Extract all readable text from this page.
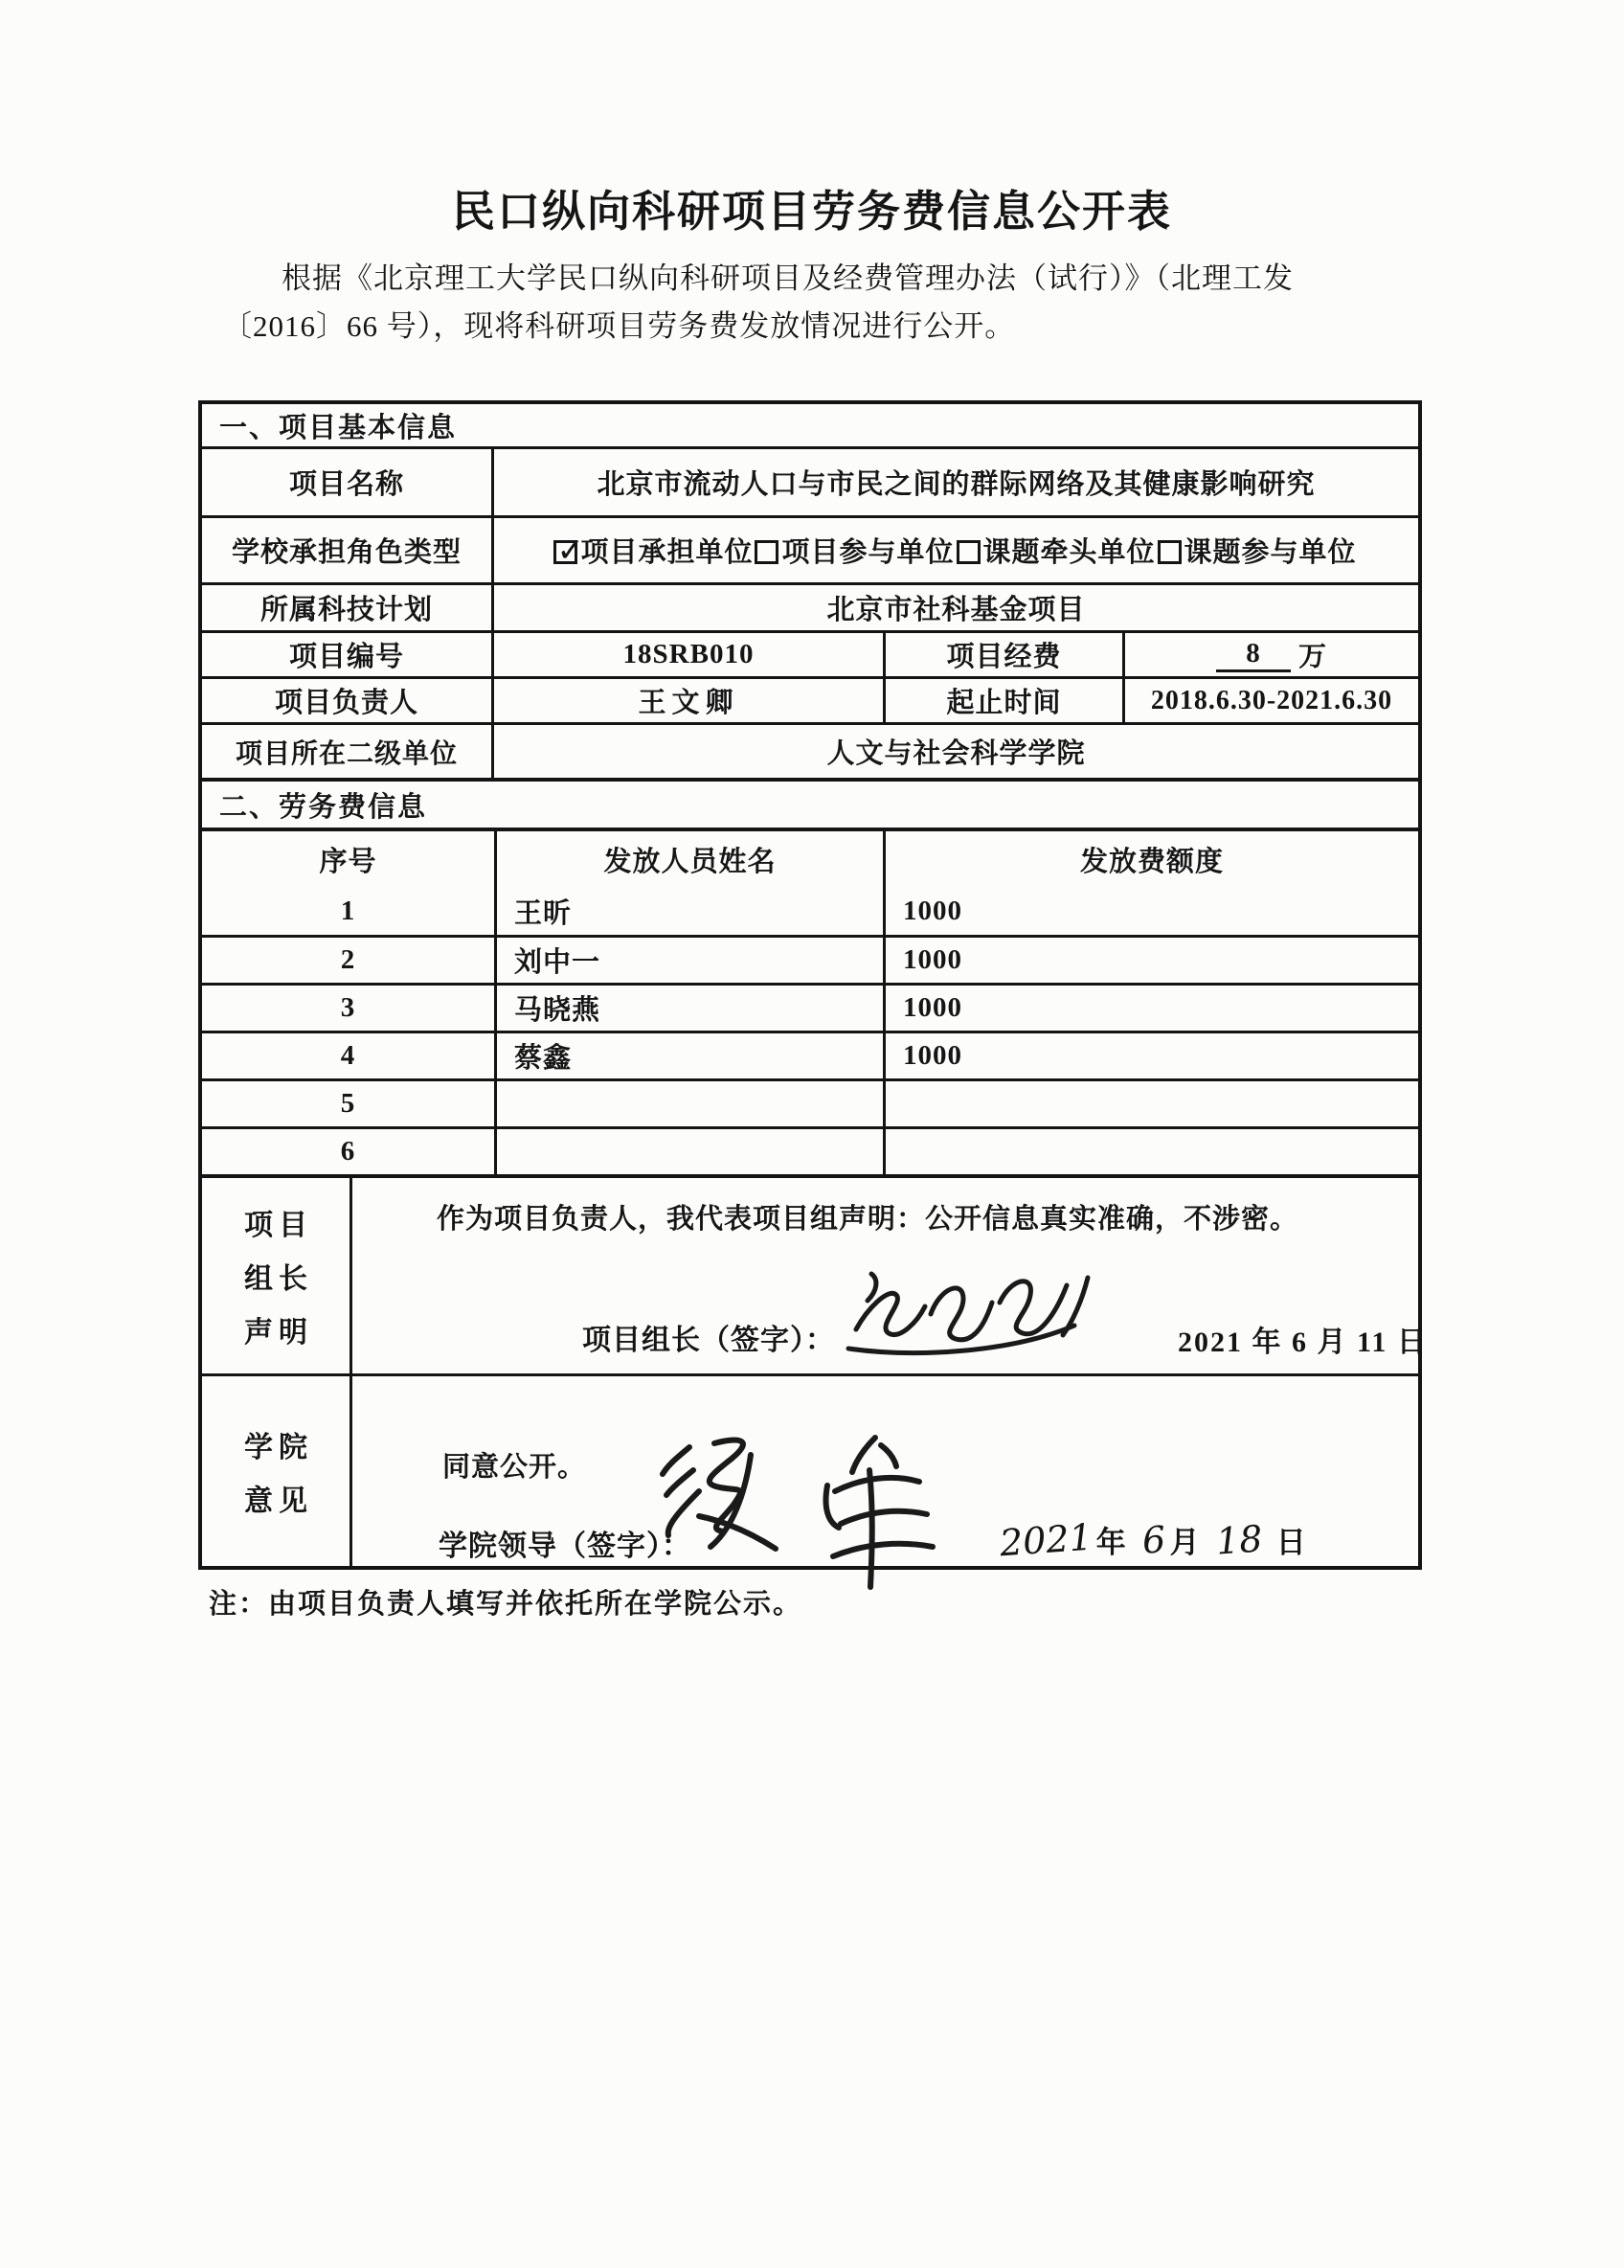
民口纵向科研项目劳务费信息公开表
根据《北京理工大学民口纵向科研项目及经费管理办法（试行）》（北理工发
〔2016〕66 号），现将科研项目劳务费发放情况进行公开。
一、项目基本信息
项目名称	北京市流动人口与市民之间的群际网络及其健康影响研究
学校承担角色类型 ✓	项目承担单位	项目参与单位	课题牵头单位	课题参与单位
所属科技计划	北京市社科基金项目
项目编号	18SRB010	项目经费	8	万
项目负责人	王文卿	起止时间	2018.6.30-2021.6.30
项目所在二级单位	人文与社会科学学院
二、劳务费信息
序号	发放人员姓名	发放费额度
1	王昕	1000
2	刘中一	1000
3	马晓燕	1000
4	蔡鑫	1000
5
6
项目
组长
声明
作为项目负责人，我代表项目组声明：公开信息真实准确，不涉密。
项目组长（签字）：	2021 年 6 月 11 日
学院
意见
同意公开。
学院领导（签字）：	2021年 6月 18 日
注：由项目负责人填写并依托所在学院公示。
